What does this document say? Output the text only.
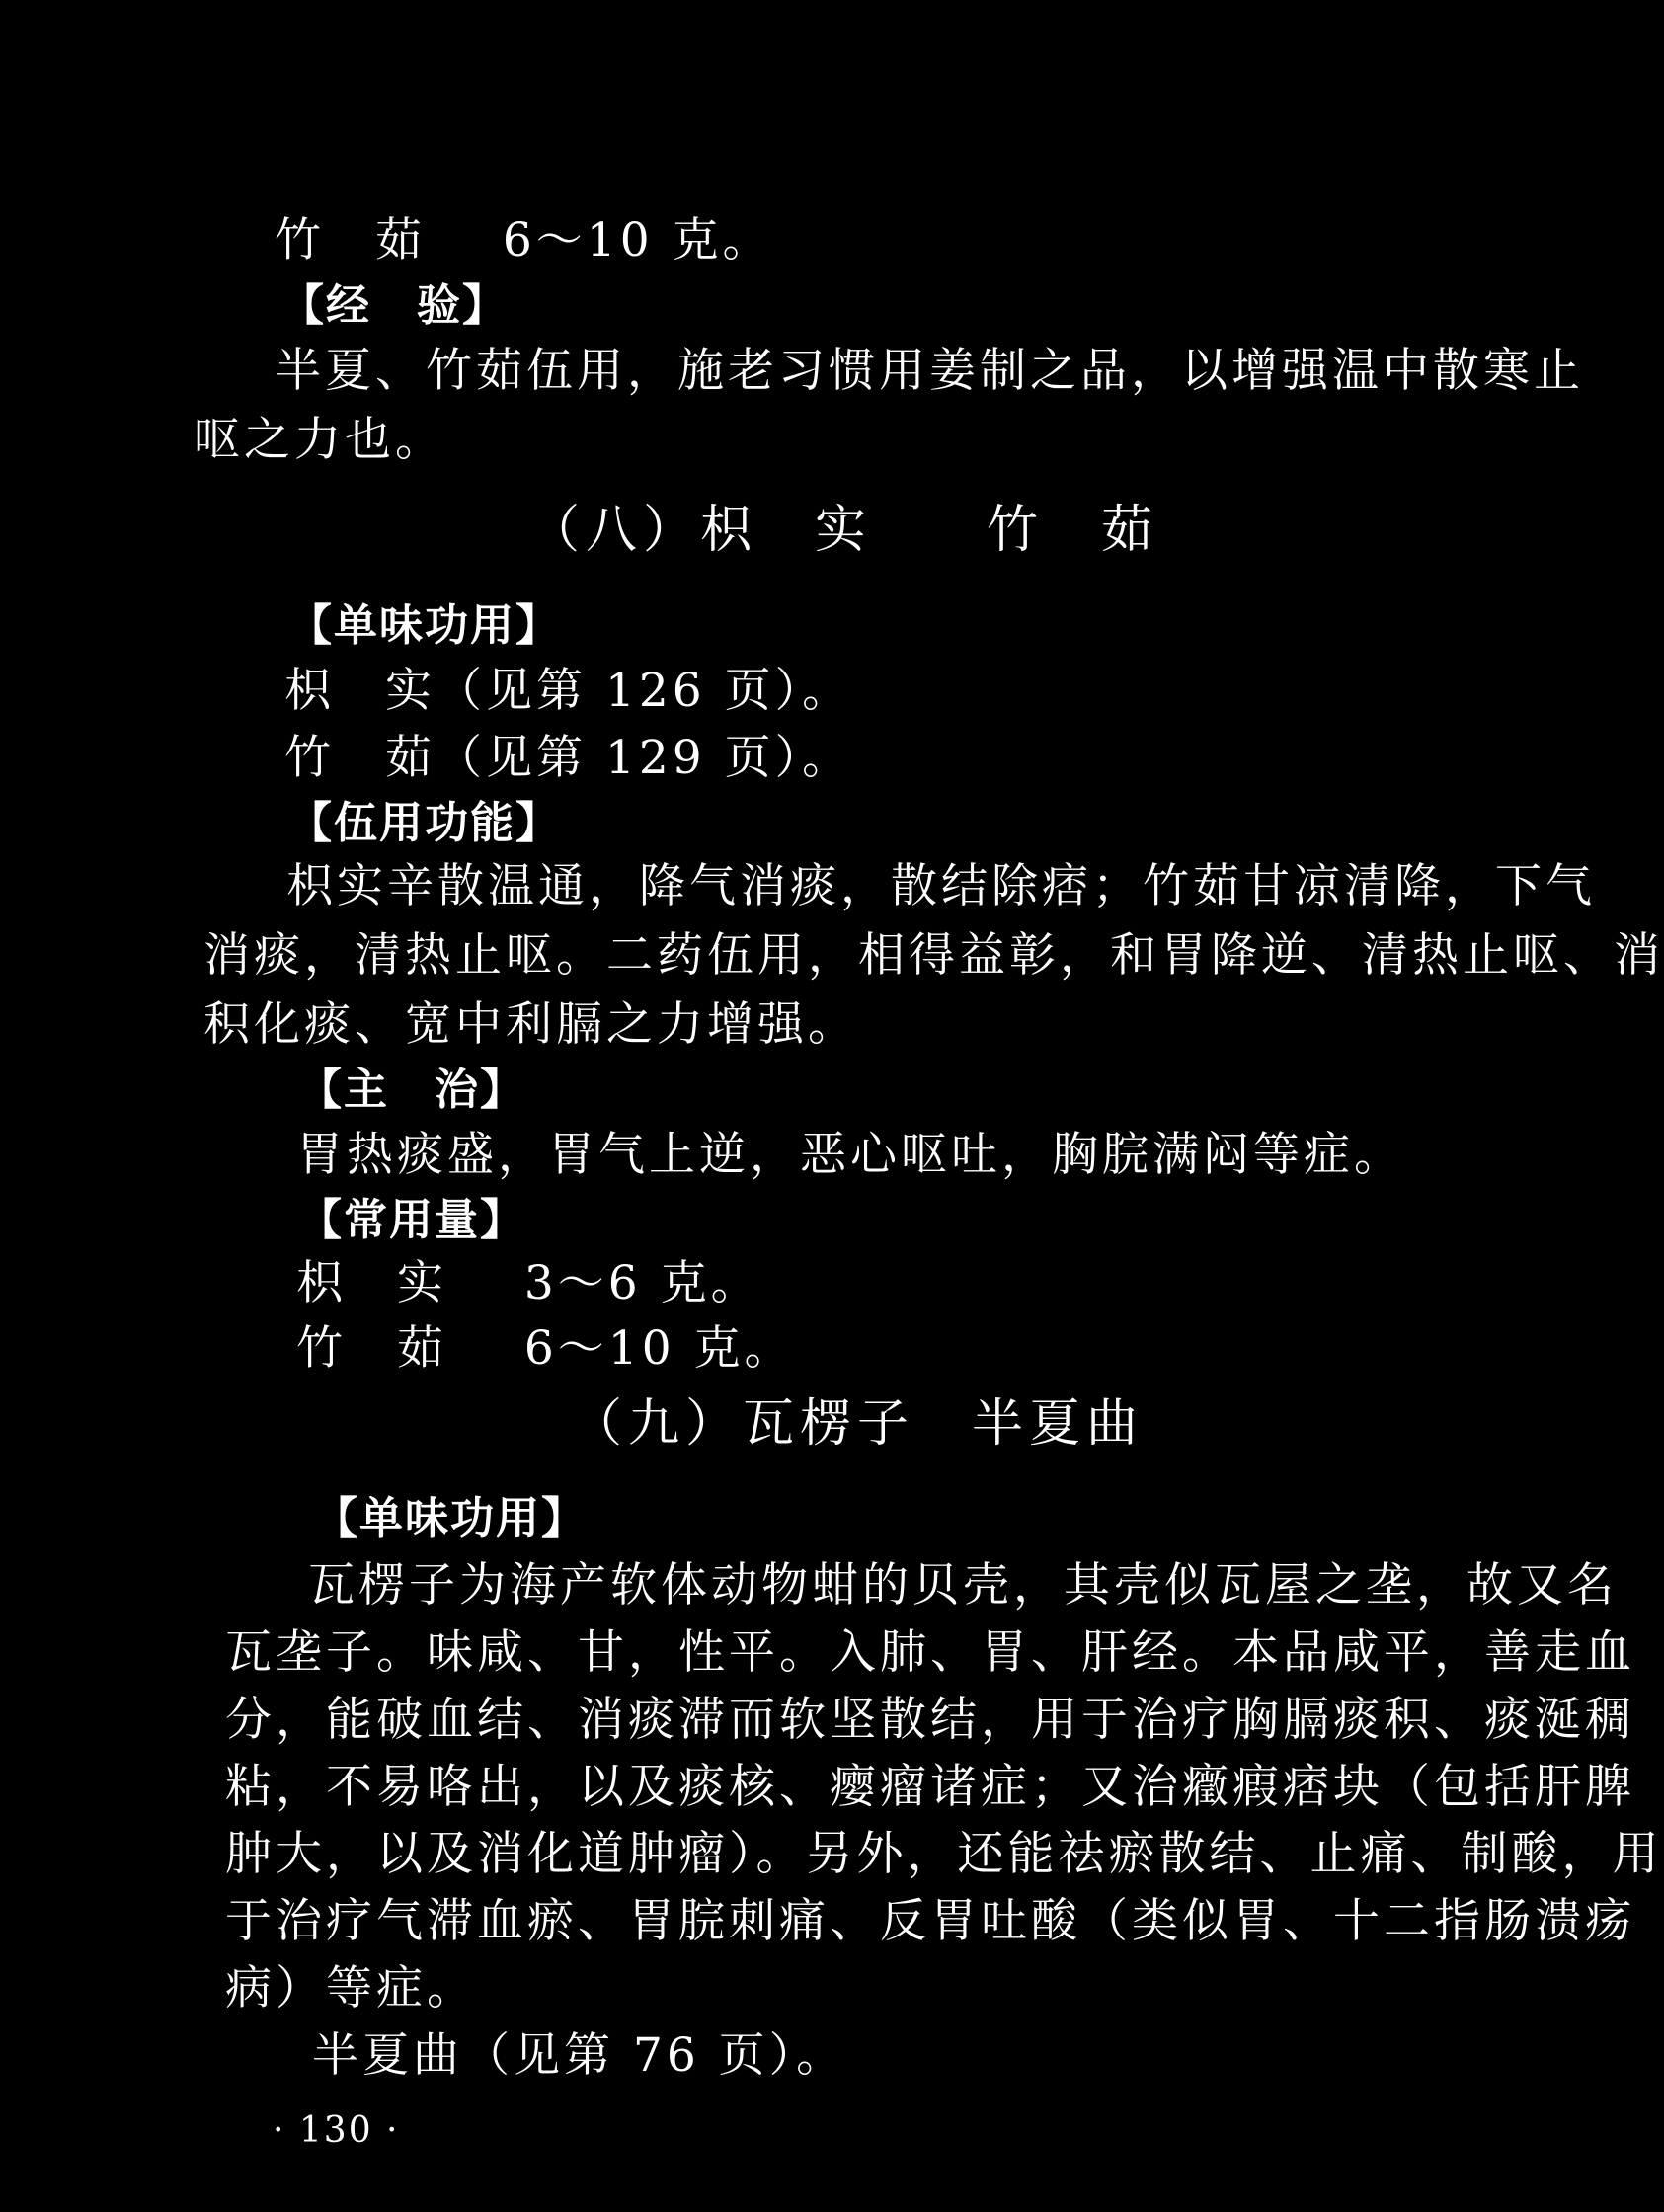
竹　茹 6～10 克。
【经　验】
半夏、竹茹伍用，施老习惯用姜制之品，以增强温中散寒止
呕之力也。
（八）枳　实　　竹　茹
【单味功用】
枳　实（见第 126 页）。
竹　茹（见第 129 页）。
【伍用功能】
枳实辛散温通，降气消痰，散结除痞；竹茹甘凉清降，下气
消痰，清热止呕。二药伍用，相得益彰，和胃降逆、清热止呕、消
积化痰、宽中利膈之力增强。
【主　治】
胃热痰盛，胃气上逆，恶心呕吐，胸脘满闷等症。
【常用量】
枳　实 3～6 克。
竹　茹 6～10 克。
（九）瓦楞子　半夏曲
【单味功用】
瓦楞子为海产软体动物蚶的贝壳，其壳似瓦屋之垄，故又名
瓦垄子。味咸、甘，性平。入肺、胃、肝经。本品咸平，善走血
分，能破血结、消痰滞而软坚散结，用于治疗胸膈痰积、痰涎稠
粘，不易咯出，以及痰核、瘿瘤诸症；又治癥瘕痞块（包括肝脾
肿大，以及消化道肿瘤）。另外，还能祛瘀散结、止痛、制酸，用
于治疗气滞血瘀、胃脘刺痛、反胃吐酸（类似胃、十二指肠溃疡
病）等症。
半夏曲（见第 76 页）。
· 130 ·
